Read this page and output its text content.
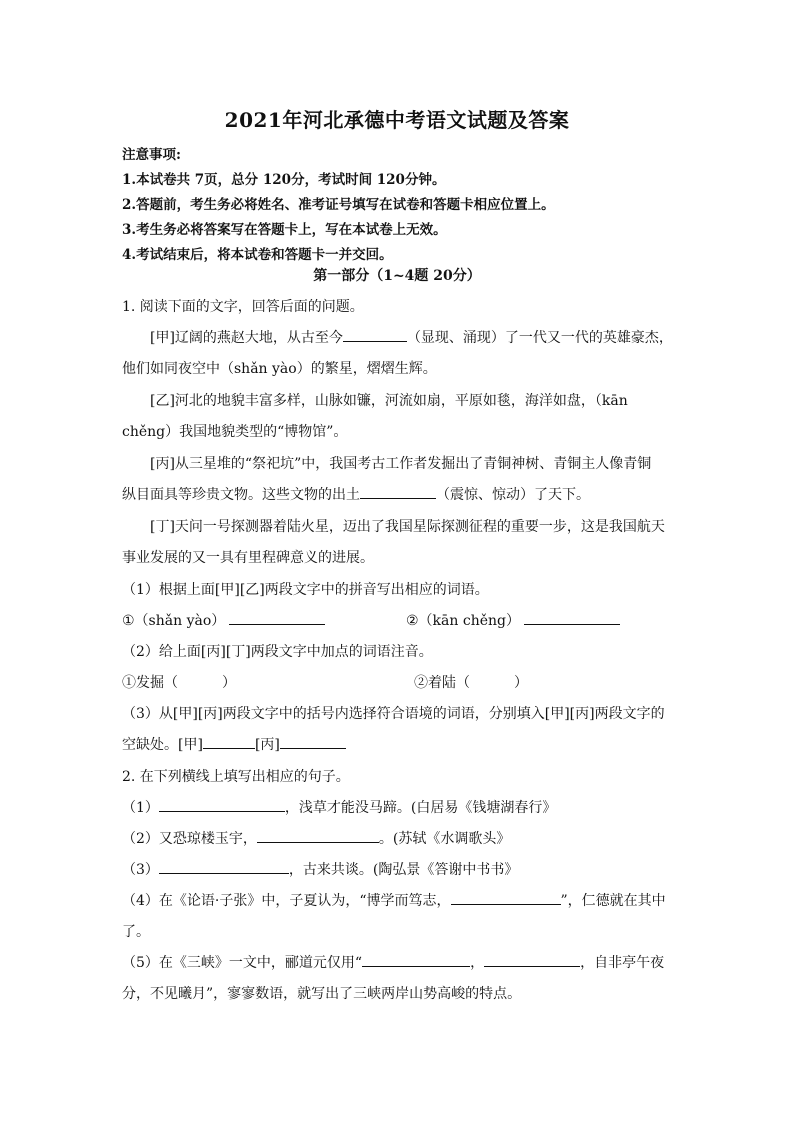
2021年河北承德中考语文试题及答案
注意事项:
1.本试卷共 7页，总分 120分，考试时间 120分钟。
2.答题前，考生务必将姓名、准考证号填写在试卷和答题卡相应位置上。
3.考生务必将答案写在答题卡上，写在本试卷上无效。
4.考试结束后，将本试卷和答题卡一并交回。
第一部分（1~4题 20分）
1. 阅读下面的文字，回答后面的问题。
[甲]辽阔的燕赵大地，从古至今	（显现、涌现）了一代又一代的英雄豪杰，
他们如同夜空中（shǎn yào）的繁星，熠熠生辉。
[乙]河北的地貌丰富多样，山脉如镰，河流如扇，平原如毯，海洋如盘，（kān
chěng）我国地貌类型的“博物馆”。
[丙]从三星堆的“祭祀坑”中，我国考古工作者发掘出了青铜神树、青铜主人像青铜
纵目面具等珍贵文物。这些文物的出土	（震惊、惊动）了天下。
[丁]天问一号探测器着陆火星，迈出了我国星际探测征程的重要一步，这是我国航天
事业发展的又一具有里程碑意义的进展。
（1）根据上面[甲][乙]两段文字中的拼音写出相应的词语。
①（shǎn yào）	②（kān chěng）
（2）给上面[丙][丁]两段文字中加点的词语注音。
①发掘（	）	②着陆（	）
（3）从[甲][丙]两段文字中的括号内选择符合语境的词语，分别填入[甲][丙]两段文字的
空缺处。[甲]	[丙]
2. 在下列横线上填写出相应的句子。
（1）	，浅草才能没马蹄。(白居易《钱塘湖春行》
（2）又恐琼楼玉宇，	。(苏轼《水调歌头》
（3）	，古来共谈。(陶弘景《答谢中书书》
（4）在《论语·子张》中，子夏认为，“博学而笃志，	”，仁德就在其中
了。
（5）在《三峡》一文中，郦道元仅用“	，	，自非亭午夜
分，不见曦月”，寥寥数语，就写出了三峡两岸山势高峻的特点。
